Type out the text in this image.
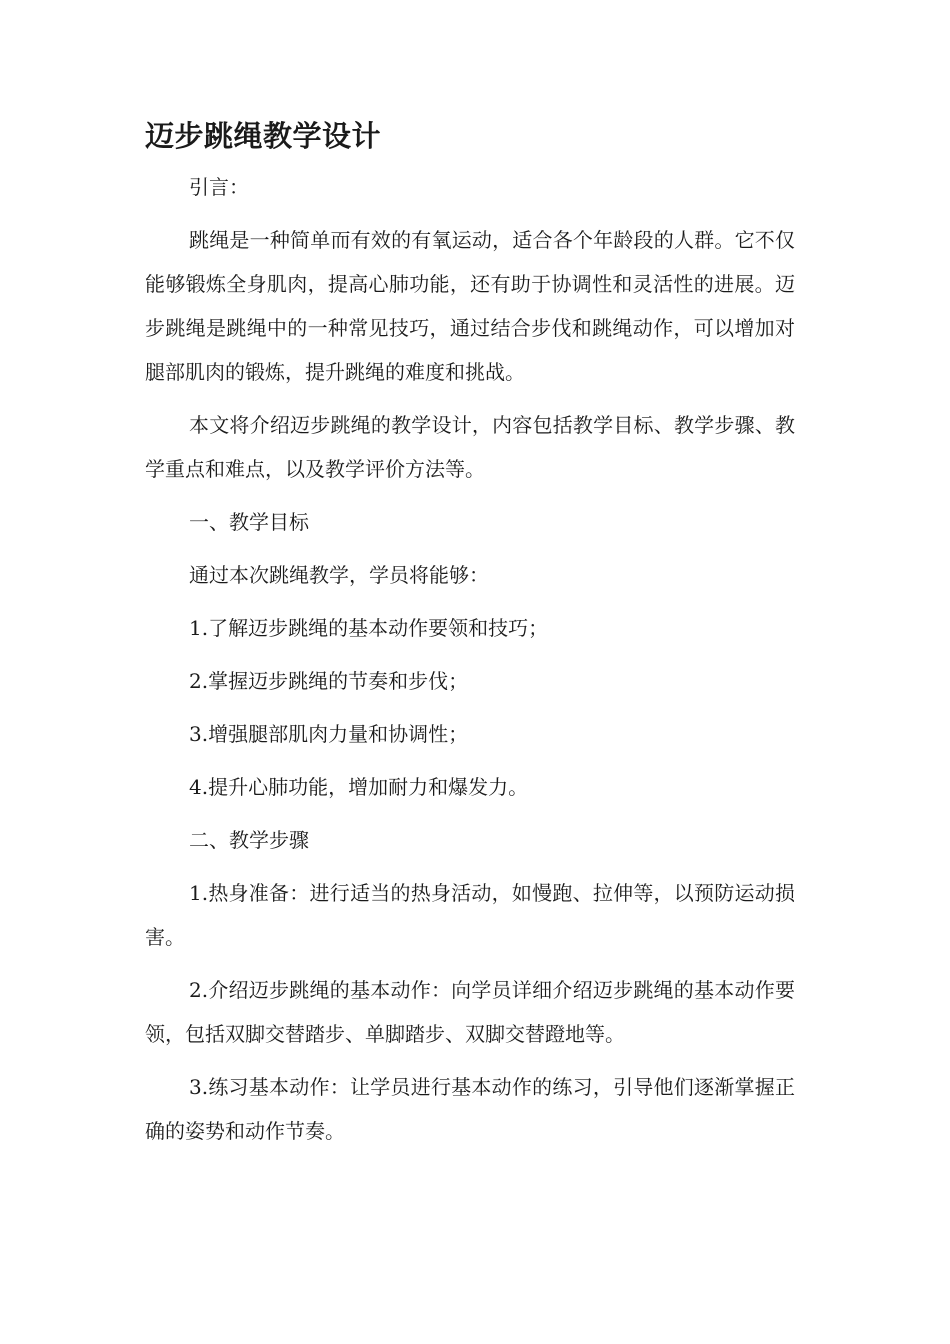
迈步跳绳教学设计

引言：

跳绳是一种简单而有效的有氧运动，适合各个年龄段的人群。它不仅能够锻炼全身肌肉，提高心肺功能，还有助于协调性和灵活性的进展。迈步跳绳是跳绳中的一种常见技巧，通过结合步伐和跳绳动作，可以增加对腿部肌肉的锻炼，提升跳绳的难度和挑战。

本文将介绍迈步跳绳的教学设计，内容包括教学目标、教学步骤、教学重点和难点，以及教学评价方法等。

一、教学目标

通过本次跳绳教学，学员将能够：

1.了解迈步跳绳的基本动作要领和技巧；

2.掌握迈步跳绳的节奏和步伐；

3.增强腿部肌肉力量和协调性；

4.提升心肺功能，增加耐力和爆发力。

二、教学步骤

1.热身准备：进行适当的热身活动，如慢跑、拉伸等，以预防运动损害。

2.介绍迈步跳绳的基本动作：向学员详细介绍迈步跳绳的基本动作要领，包括双脚交替踏步、单脚踏步、双脚交替蹬地等。

3.练习基本动作：让学员进行基本动作的练习，引导他们逐渐掌握正确的姿势和动作节奏。
